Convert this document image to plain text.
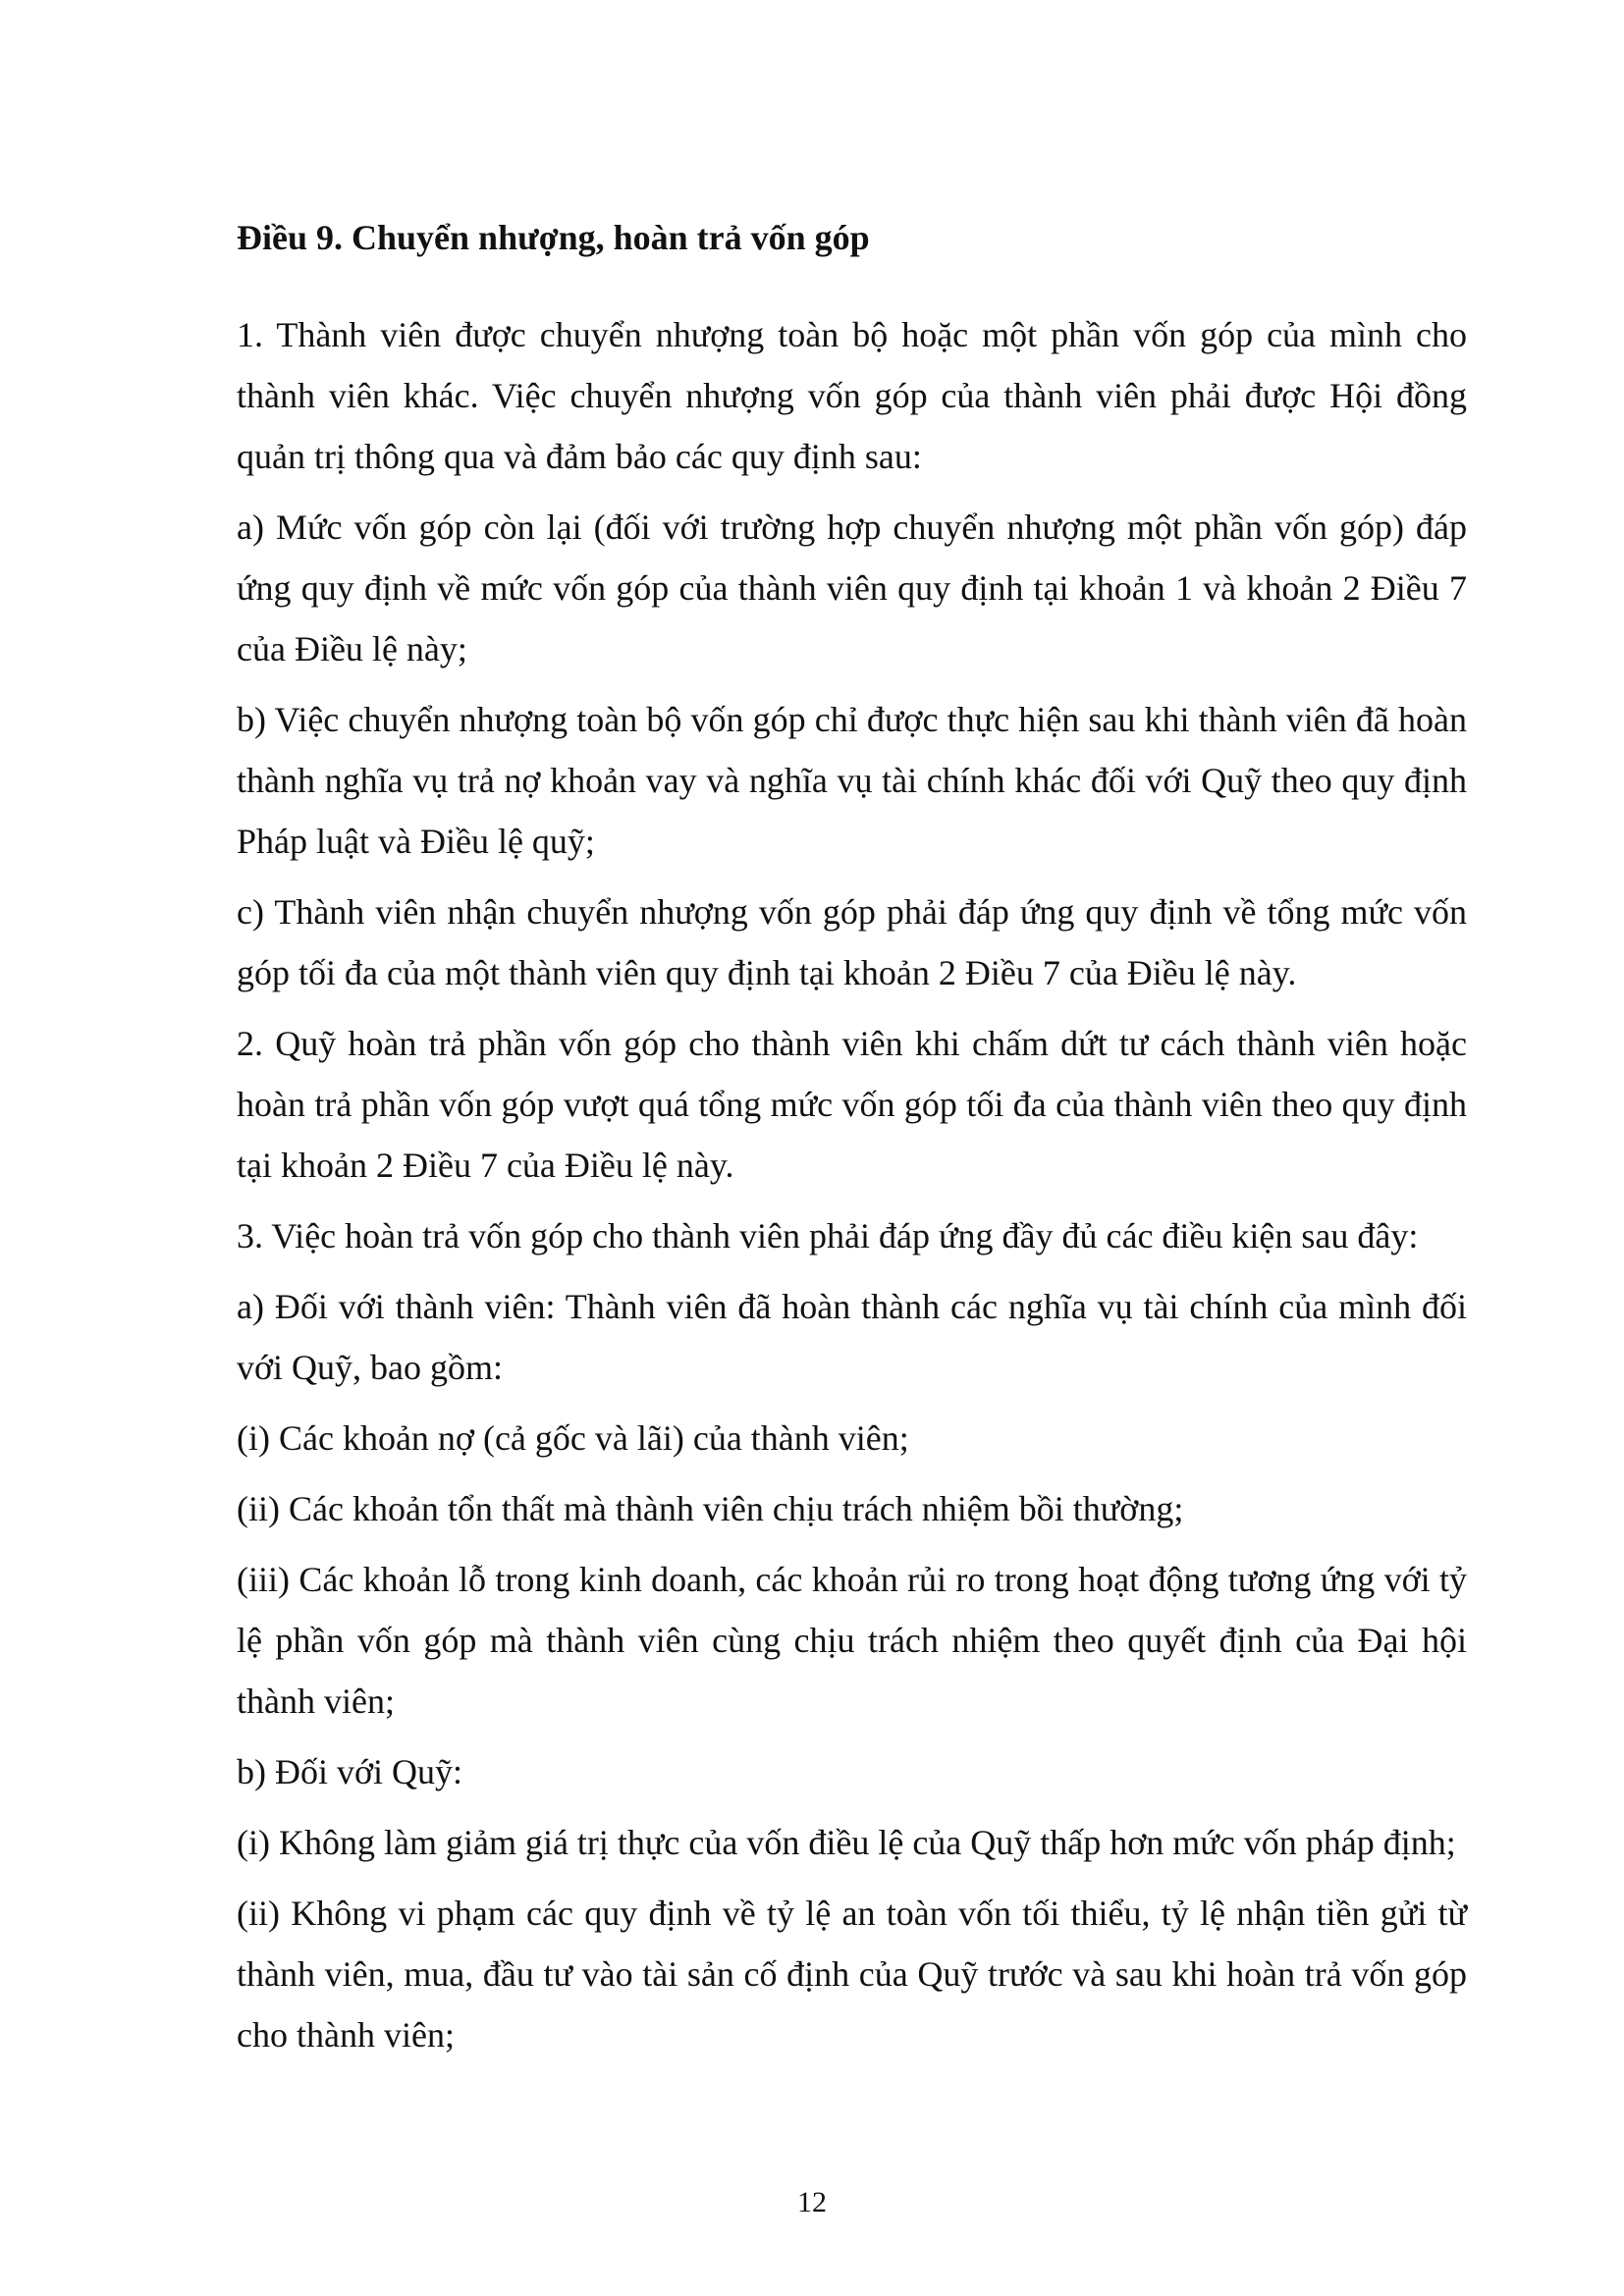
Điều 9. Chuyển nhượng, hoàn trả vốn góp

1. Thành viên được chuyển nhượng toàn bộ hoặc một phần vốn góp của mình cho thành viên khác. Việc chuyển nhượng vốn góp của thành viên phải được Hội đồng quản trị thông qua và đảm bảo các quy định sau:

a) Mức vốn góp còn lại (đối với trường hợp chuyển nhượng một phần vốn góp) đáp ứng quy định về mức vốn góp của thành viên quy định tại khoản 1 và khoản 2 Điều 7 của Điều lệ này;

b) Việc chuyển nhượng toàn bộ vốn góp chỉ được thực hiện sau khi thành viên đã hoàn thành nghĩa vụ trả nợ khoản vay và nghĩa vụ tài chính khác đối với Quỹ theo quy định Pháp luật và Điều lệ quỹ;

c) Thành viên nhận chuyển nhượng vốn góp phải đáp ứng quy định về tổng mức vốn góp tối đa của một thành viên quy định tại khoản 2 Điều 7 của Điều lệ này.

2. Quỹ hoàn trả phần vốn góp cho thành viên khi chấm dứt tư cách thành viên hoặc hoàn trả phần vốn góp vượt quá tổng mức vốn góp tối đa của thành viên theo quy định tại khoản 2 Điều 7 của Điều lệ này.

3. Việc hoàn trả vốn góp cho thành viên phải đáp ứng đầy đủ các điều kiện sau đây:

a) Đối với thành viên: Thành viên đã hoàn thành các nghĩa vụ tài chính của mình đối với Quỹ, bao gồm:

(i) Các khoản nợ (cả gốc và lãi) của thành viên;

(ii) Các khoản tổn thất mà thành viên chịu trách nhiệm bồi thường;

(iii) Các khoản lỗ trong kinh doanh, các khoản rủi ro trong hoạt động tương ứng với tỷ lệ phần vốn góp mà thành viên cùng chịu trách nhiệm theo quyết định của Đại hội thành viên;

b) Đối với Quỹ:

(i) Không làm giảm giá trị thực của vốn điều lệ của Quỹ thấp hơn mức vốn pháp định;

(ii) Không vi phạm các quy định về tỷ lệ an toàn vốn tối thiểu, tỷ lệ nhận tiền gửi từ thành viên, mua, đầu tư vào tài sản cố định của Quỹ trước và sau khi hoàn trả vốn góp cho thành viên;

12
